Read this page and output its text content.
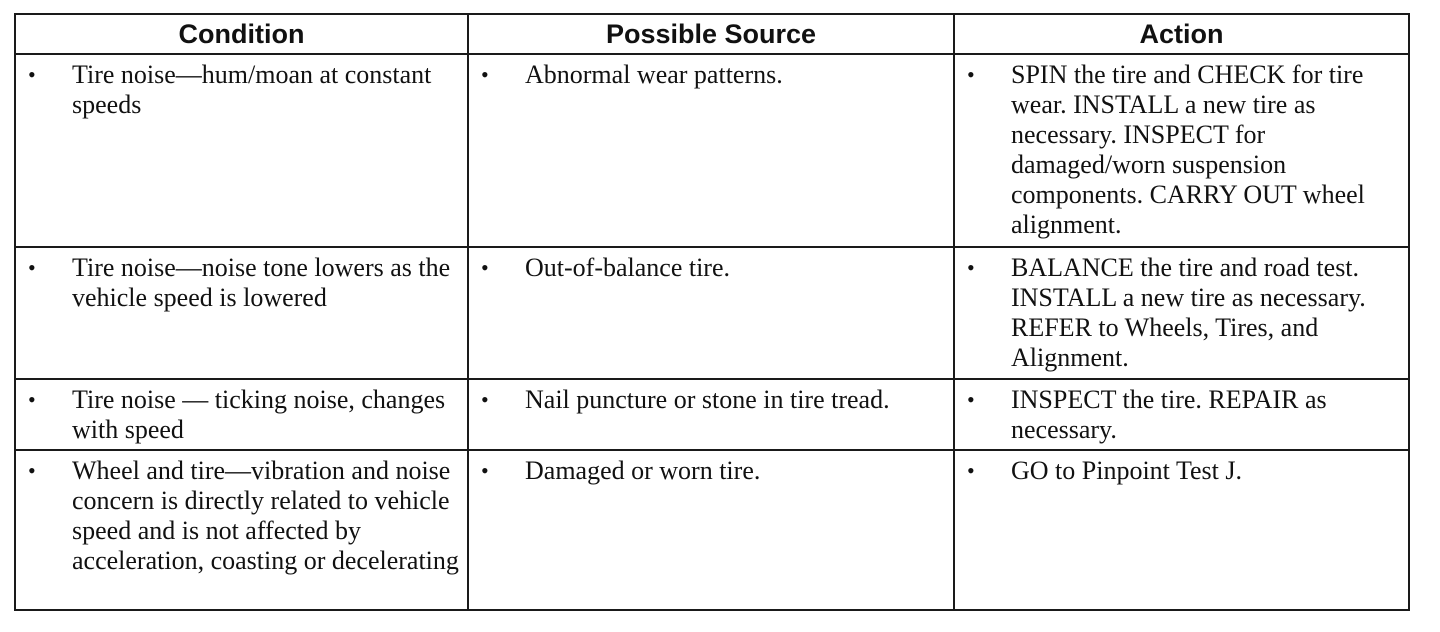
Condition	Possible Source	Action

• Tire noise—hum/moan at constant speeds	• Abnormal wear patterns.	• SPIN the tire and CHECK for tire wear. INSTALL a new tire as necessary. INSPECT for damaged/worn suspension components. CARRY OUT wheel alignment.

• Tire noise—noise tone lowers as the vehicle speed is lowered	• Out-of-balance tire.	• BALANCE the tire and road test. INSTALL a new tire as necessary. REFER to Wheels, Tires, and Alignment.

• Tire noise — ticking noise, changes with speed	• Nail puncture or stone in tire tread.	• INSPECT the tire. REPAIR as necessary.

• Wheel and tire—vibration and noise concern is directly related to vehicle speed and is not affected by acceleration, coasting or decelerating	• Damaged or worn tire.	• GO to Pinpoint Test J.
